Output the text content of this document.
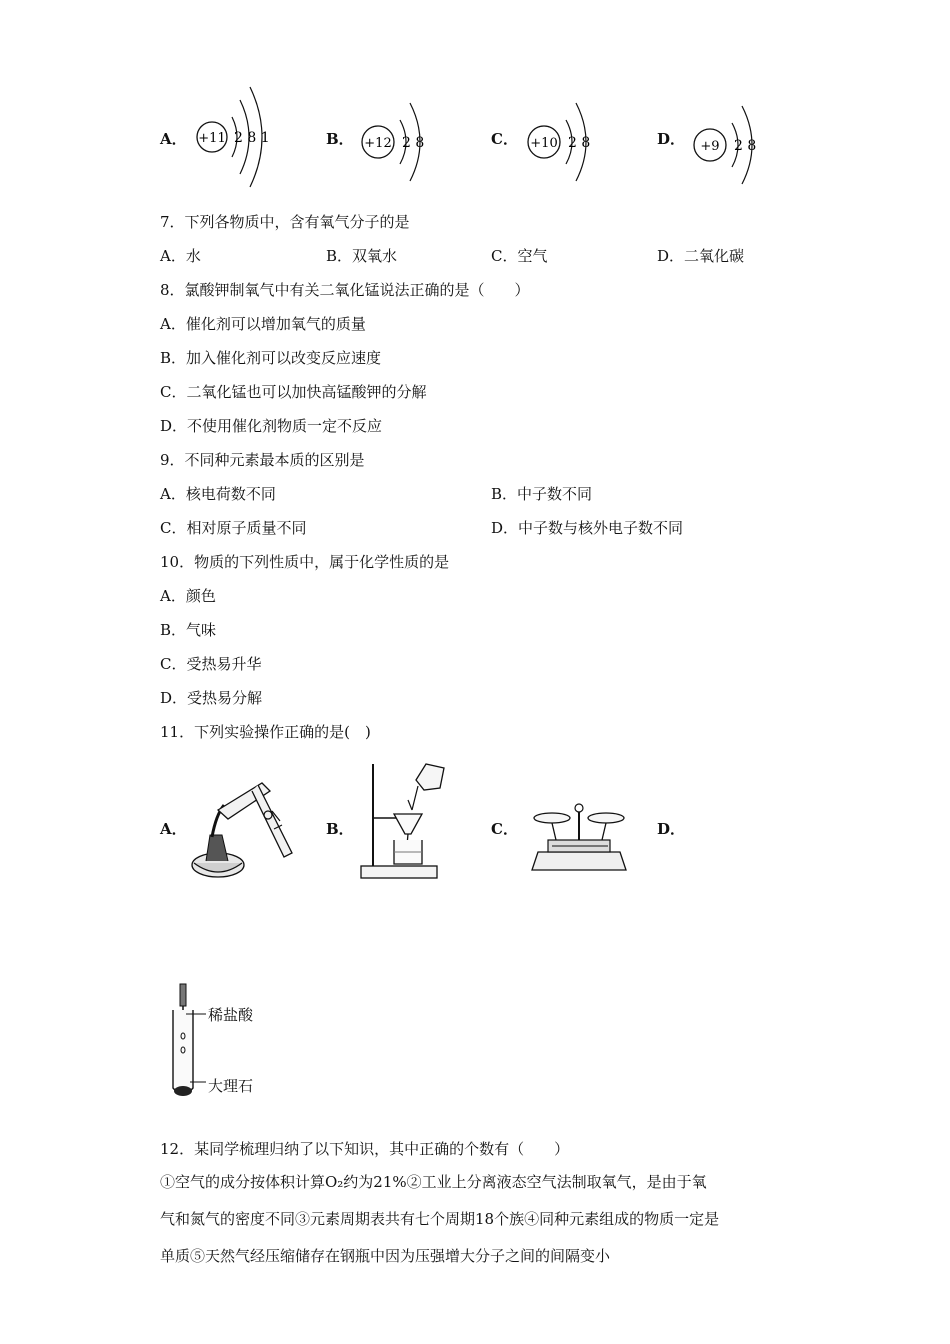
A． +11 2 8 1	B． +12 2 8	C． +10 2 8	D． +9 2 8
7．下列各物质中，含有氧气分子的是
A．水	B．双氧水	C．空气	D．二氧化碳
8．氯酸钾制氧气中有关二氧化锰说法正确的是（　　）
A．催化剂可以增加氧气的质量
B．加入催化剂可以改变反应速度
C．二氧化锰也可以加快高锰酸钾的分解
D．不使用催化剂物质一定不反应
9．不同种元素最本质的区别是
A．核电荷数不同	B．中子数不同
C．相对原子质量不同	D．中子数与核外电子数不同
10．物质的下列性质中，属于化学性质的是
A．颜色
B．气味
C．受热易升华
D．受热易分解
11．下列实验操作正确的是(　)
A．	B．	C．	D．
稀盐酸
大理石
12．某同学梳理归纳了以下知识，其中正确的个数有（　　）
①空气的成分按体积计算O₂约为21%②工业上分离液态空气法制取氧气，是由于氧
气和氮气的密度不同③元素周期表共有七个周期18个族④同种元素组成的物质一定是
单质⑤天然气经压缩储存在钢瓶中因为压强增大分子之间的间隔变小
